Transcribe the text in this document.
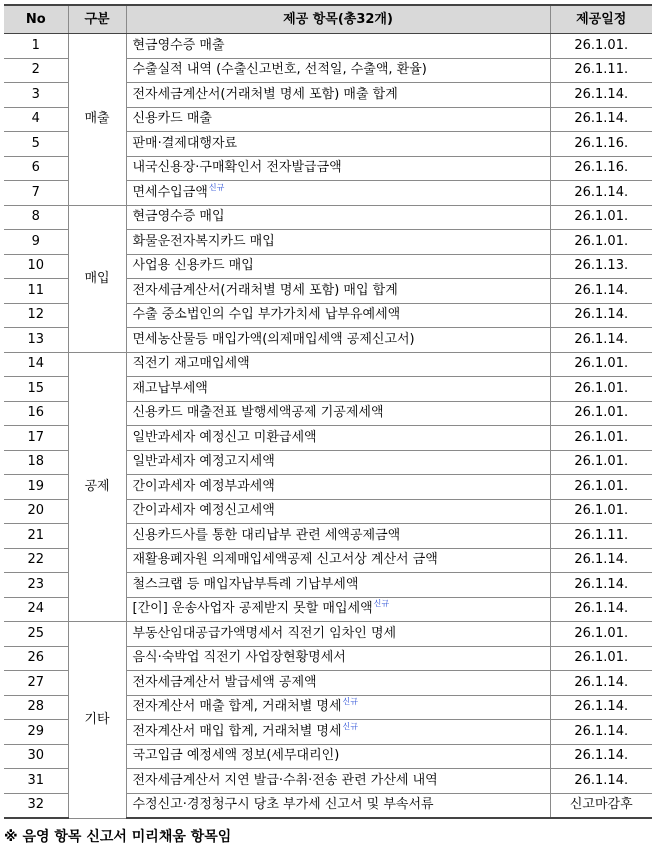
No	구분	제공 항목(총32개)	제공일정
1	매출	현금영수증 매출	26.1.01.
2		수출실적 내역 (수출신고번호, 선적일, 수출액, 환율)	26.1.11.
3		전자세금계산서(거래처별 명세 포함) 매출 합계	26.1.14.
4		신용카드 매출	26.1.14.
5		판매·결제대행자료	26.1.16.
6		내국신용장·구매확인서 전자발급금액	26.1.16.
7		면세수입금액$^{신규}$	26.1.14.
8	매입	현금영수증 매입	26.1.01.
9		화물운전자복지카드 매입	26.1.01.
10		사업용 신용카드 매입	26.1.13.
11		전자세금계산서(거래처별 명세 포함) 매입 합계	26.1.14.
12		수출 중소법인의 수입 부가가치세 납부유예세액	26.1.14.
13		면세농산물등 매입가액(의제매입세액 공제신고서)	26.1.14.
14	공제	직전기 재고매입세액	26.1.01.
15		재고납부세액	26.1.01.
16		신용카드 매출전표 발행세액공제 기공제세액	26.1.01.
17		일반과세자 예정신고 미환급세액	26.1.01.
18		일반과세자 예정고지세액	26.1.01.
19		간이과세자 예정부과세액	26.1.01.
20		간이과세자 예정신고세액	26.1.01.
21		신용카드사를 통한 대리납부 관련 세액공제금액	26.1.11.
22		재활용폐자원 의제매입세액공제 신고서상 계산서 금액	26.1.14.
23		철스크랩 등 매입자납부특례 기납부세액	26.1.14.
24		[간이] 운송사업자 공제받지 못할 매입세액$^{신규}$	26.1.14.
25	기타	부동산임대공급가액명세서 직전기 임차인 명세	26.1.01.
26		음식·숙박업 직전기 사업장현황명세서	26.1.01.
27		전자세금계산서 발급세액 공제액	26.1.14.
28		전자계산서 매출 합계, 거래처별 명세$^{신규}$	26.1.14.
29		전자계산서 매입 합계, 거래처별 명세$^{신규}$	26.1.14.
30		국고입금 예정세액 정보(세무대리인)	26.1.14.
31		전자세금계산서 지연 발급·수취·전송 관련 가산세 내역	26.1.14.
32		수정신고·경정청구시 당초 부가세 신고서 및 부속서류	신고마감후
※ 음영 항목 신고서 미리채움 항목임
